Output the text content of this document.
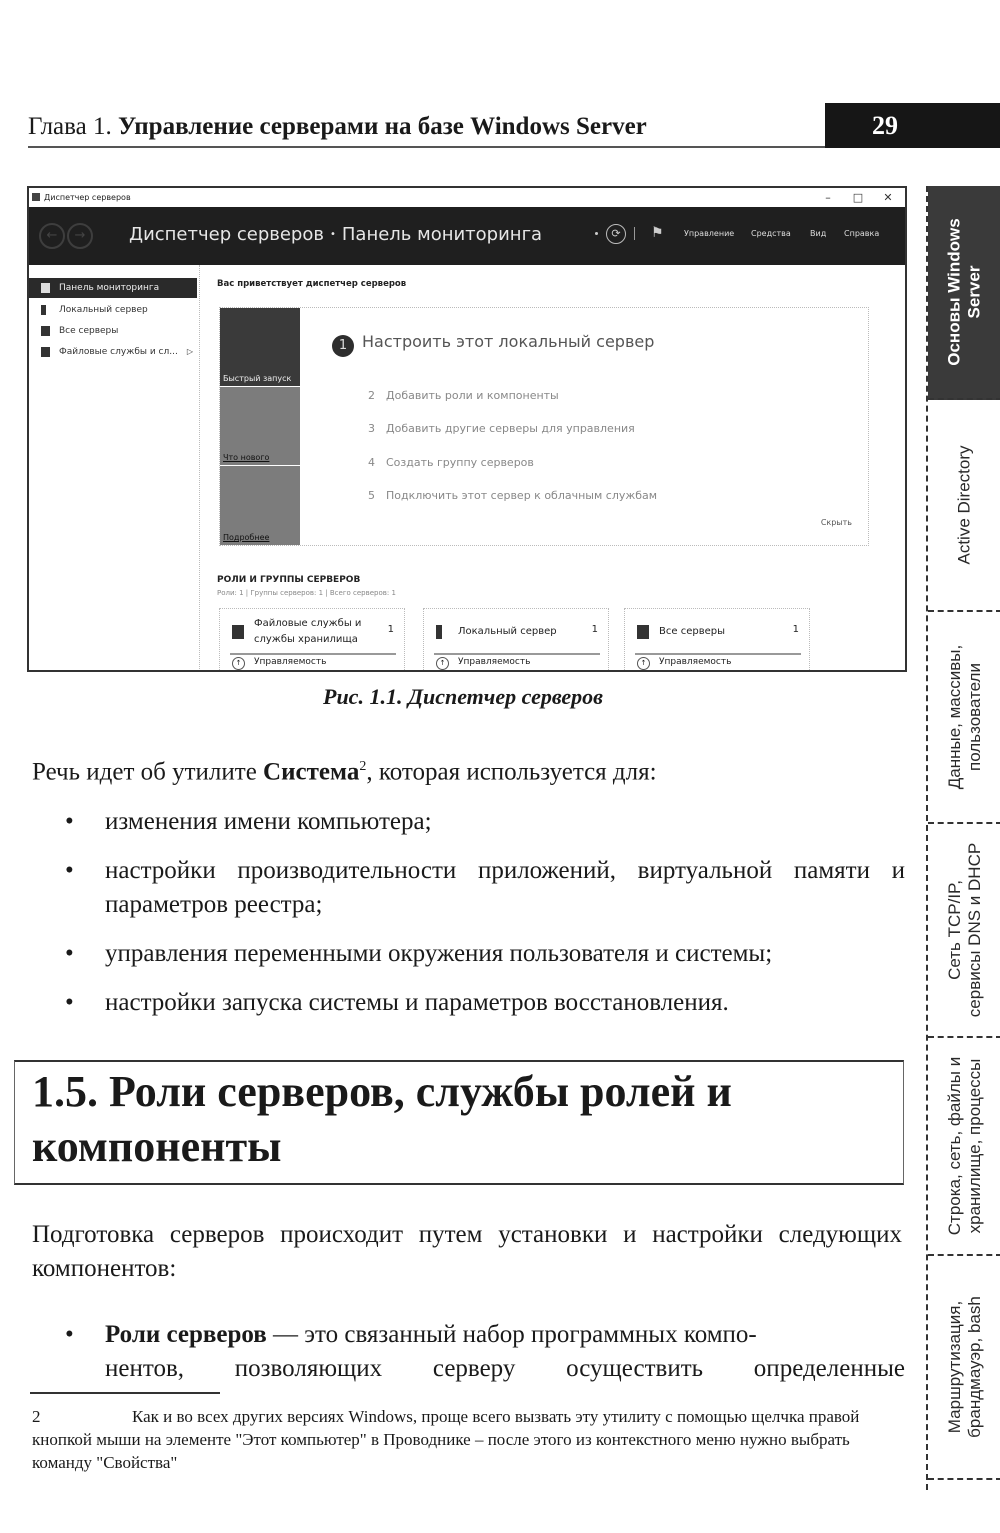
Глава 1. Управление серверами на базе Windows Server	29
Основы Windows Server
Active Directory
Данные, массивы, пользователи
Сеть TCP/IP, сервисы DNS и DHCP
Строка, сеть, файлы и хранилище, процессы
Маршрутизация, брандмауэр, bash
Диспетчер серверов	–	□	✕
←	→	Диспетчер серверов • Панель мониторинга	⟳	⚑	Управление Средства Вид Справка
Панель мониторинга
Локальный сервер
Все серверы
Файловые службы и сл... ▷
Вас приветствует диспетчер серверов
Быстрый запуск
Что нового
Подробнее
1 Настроить этот локальный сервер
2 Добавить роли и компоненты
3 Добавить другие серверы для управления
4 Создать группу серверов
5 Подключить этот сервер к облачным службам
Скрыть
РОЛИ И ГРУППЫ СЕРВЕРОВ
Роли: 1 | Группы серверов: 1 | Всего серверов: 1
Файловые службы и
службы хранилища
1
↑	Управляемость
Локальный сервер	1
↑	Управляемость
Все серверы	1
↑	Управляемость
Рис. 1.1. Диспетчер серверов
Речь идет об утилите Система$^2$, которая используется для:
• изменения имени компьютера;
• настройки производительности приложений, виртуальной памяти и параметров реестра;
• управления переменными окружения пользователя и системы;
• настройки запуска системы и параметров восстановления.
1.5. Роли серверов, службы ролей и компоненты
Подготовка серверов происходит путем установки и настройки следующих компонентов:
• Роли серверов — это связанный набор программных компо-
нентов, позволяющих серверу осуществить определенные
2	Как и во всех других версиях Windows, проще всего вызвать эту утилиту с помощью щелчка правой кнопкой мыши на элементе "Этот компьютер" в Проводнике – после этого из контекстного меню нужно выбрать команду "Свойства"
